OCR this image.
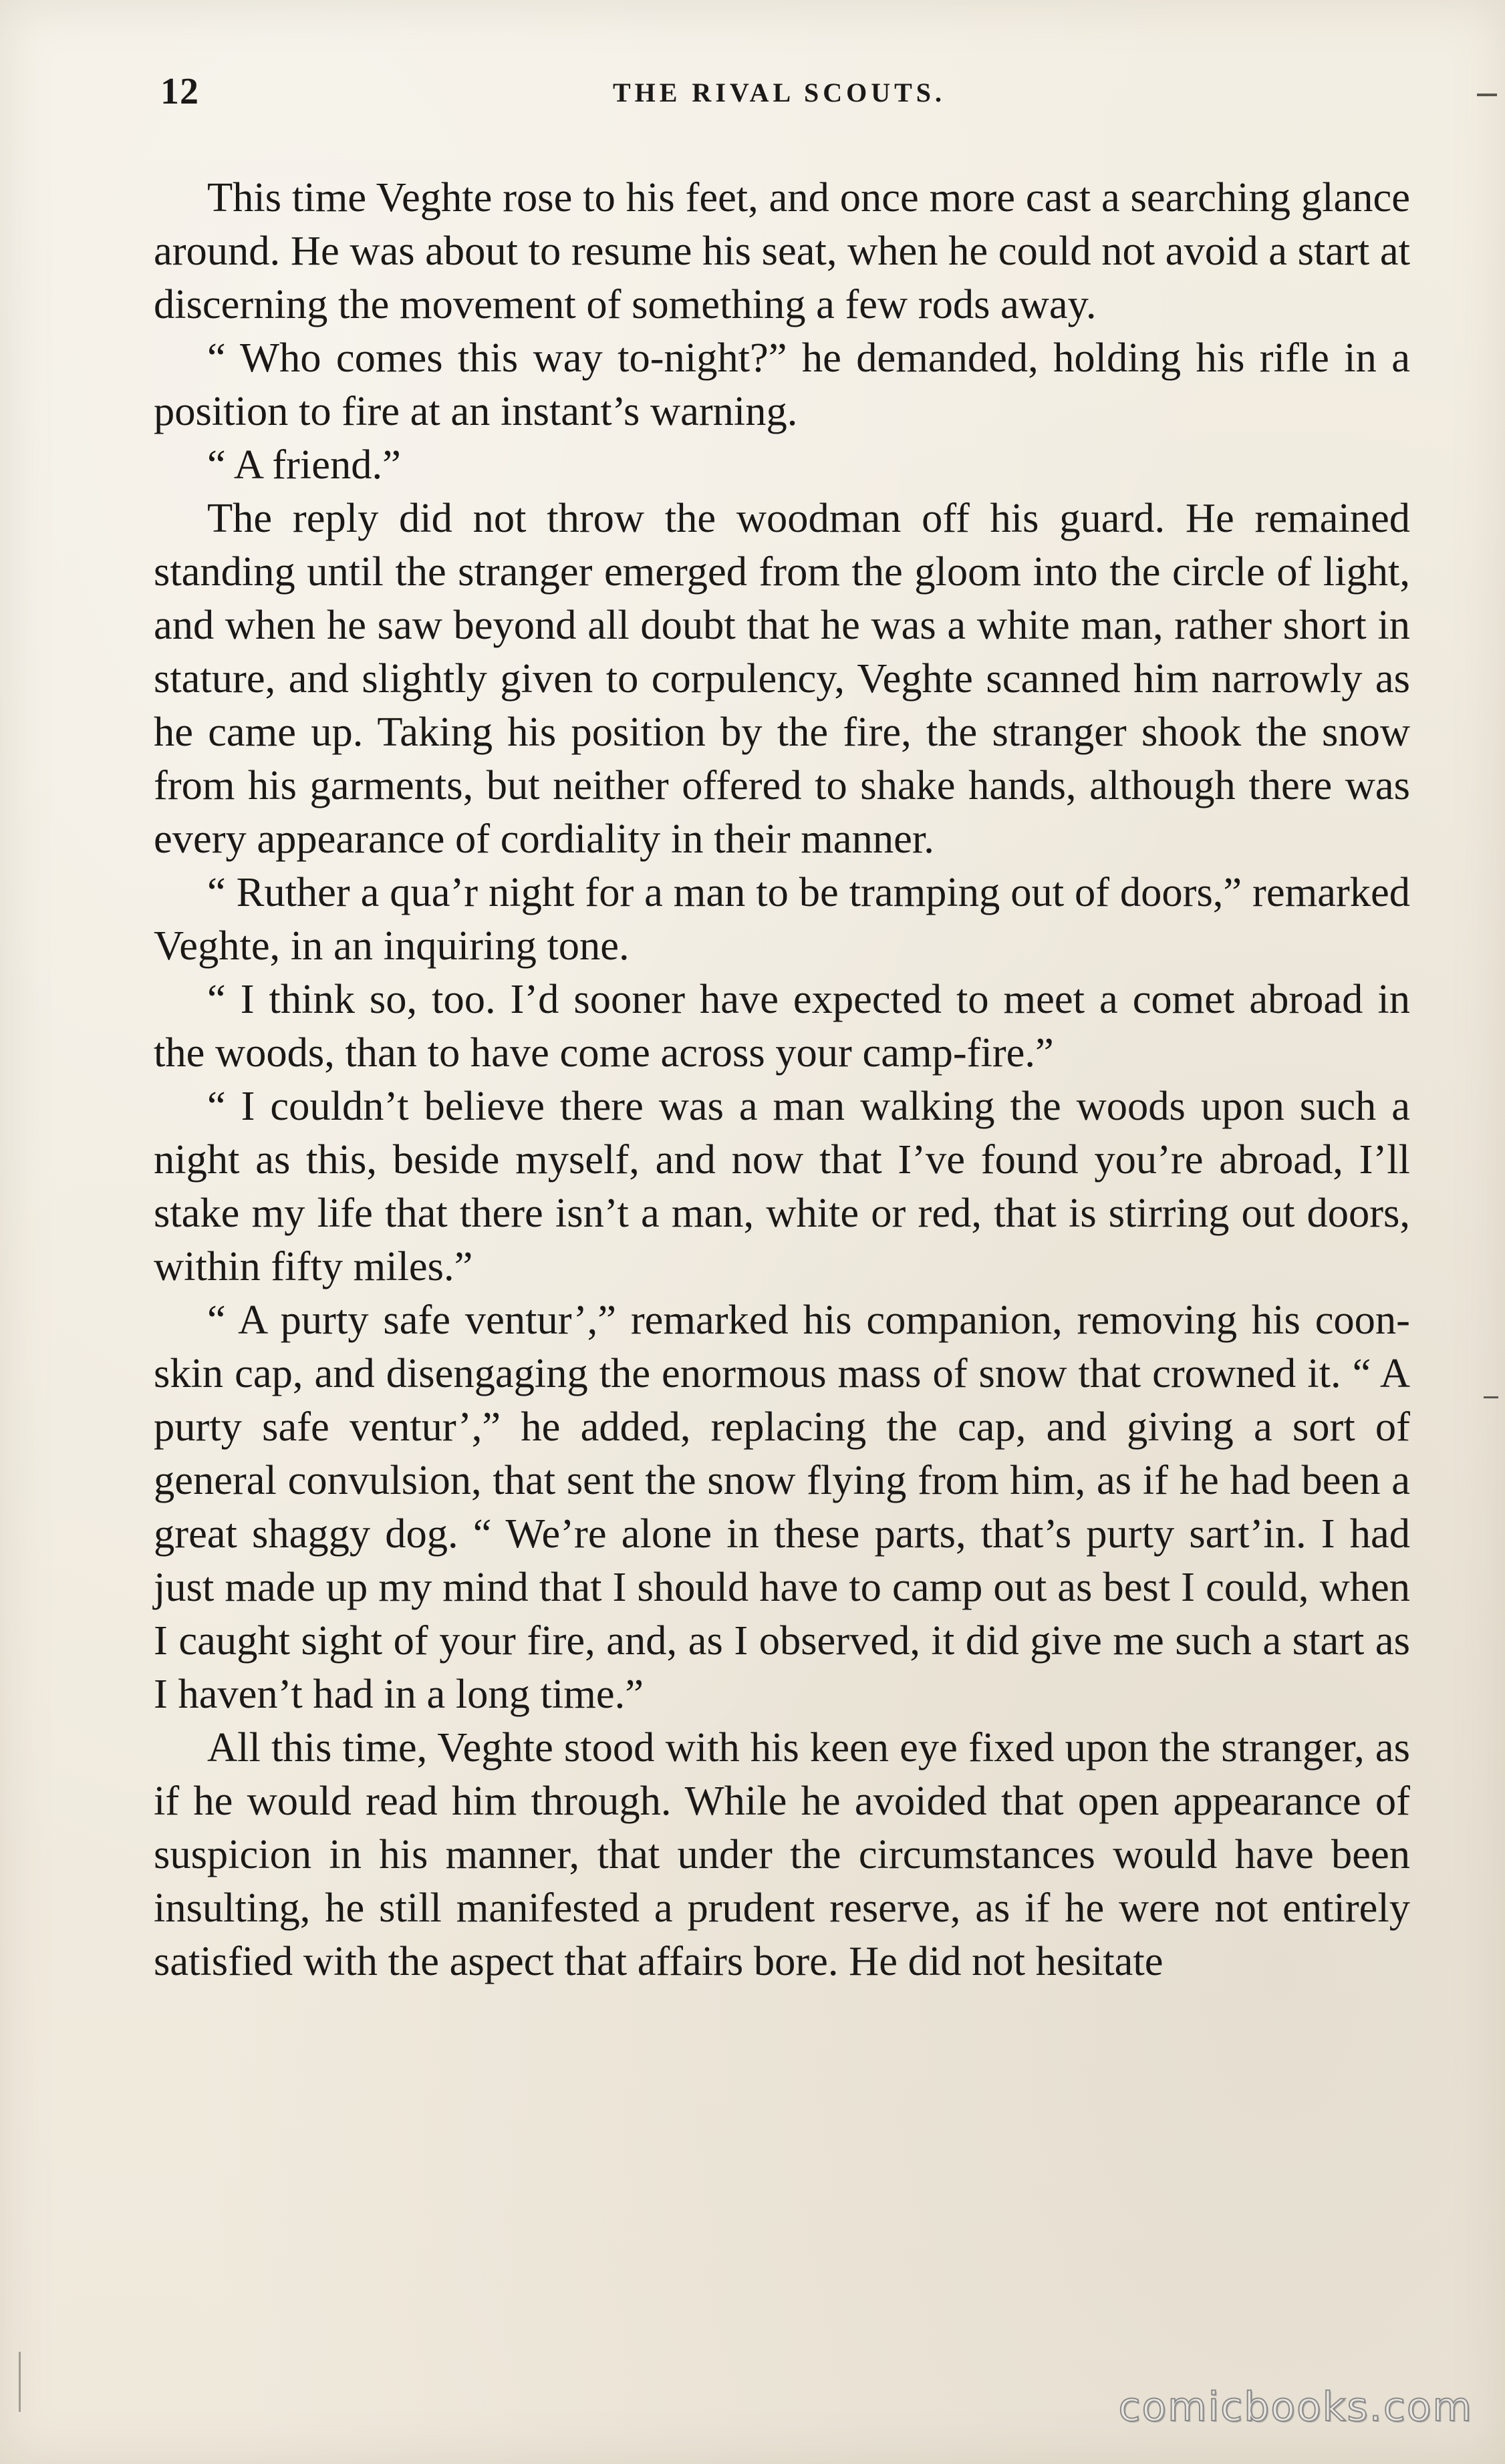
12	THE RIVAL SCOUTS.

This time Veghte rose to his feet, and once more cast a searching glance around. He was about to resume his seat, when he could not avoid a start at discerning the movement of something a few rods away.

“ Who comes this way to-night?” he demanded, holding his rifle in a position to fire at an instant’s warning.

“ A friend.”

The reply did not throw the woodman off his guard. He remained standing until the stranger emerged from the gloom into the circle of light, and when he saw beyond all doubt that he was a white man, rather short in stature, and slightly given to corpulency, Veghte scanned him narrowly as he came up. Taking his position by the fire, the stranger shook the snow from his garments, but neither offered to shake hands, although there was every appearance of cordiality in their manner.

“ Ruther a qua’r night for a man to be tramping out of doors,” remarked Veghte, in an inquiring tone.

“ I think so, too. I’d sooner have expected to meet a comet abroad in the woods, than to have come across your camp-fire.”

“ I couldn’t believe there was a man walking the woods upon such a night as this, beside myself, and now that I’ve found you’re abroad, I’ll stake my life that there isn’t a man, white or red, that is stirring out doors, within fifty miles.”

“ A purty safe ventur’,” remarked his companion, removing his coon-skin cap, and disengaging the enormous mass of snow that crowned it. “ A purty safe ventur’,” he added, replacing the cap, and giving a sort of general convulsion, that sent the snow flying from him, as if he had been a great shaggy dog. “ We’re alone in these parts, that’s purty sart’in. I had just made up my mind that I should have to camp out as best I could, when I caught sight of your fire, and, as I observed, it did give me such a start as I haven’t had in a long time.”

All this time, Veghte stood with his keen eye fixed upon the stranger, as if he would read him through. While he avoided that open appearance of suspicion in his manner, that under the circumstances would have been insulting, he still manifested a prudent reserve, as if he were not entirely satisfied with the aspect that affairs bore. He did not hesitate

comicbooks.com
